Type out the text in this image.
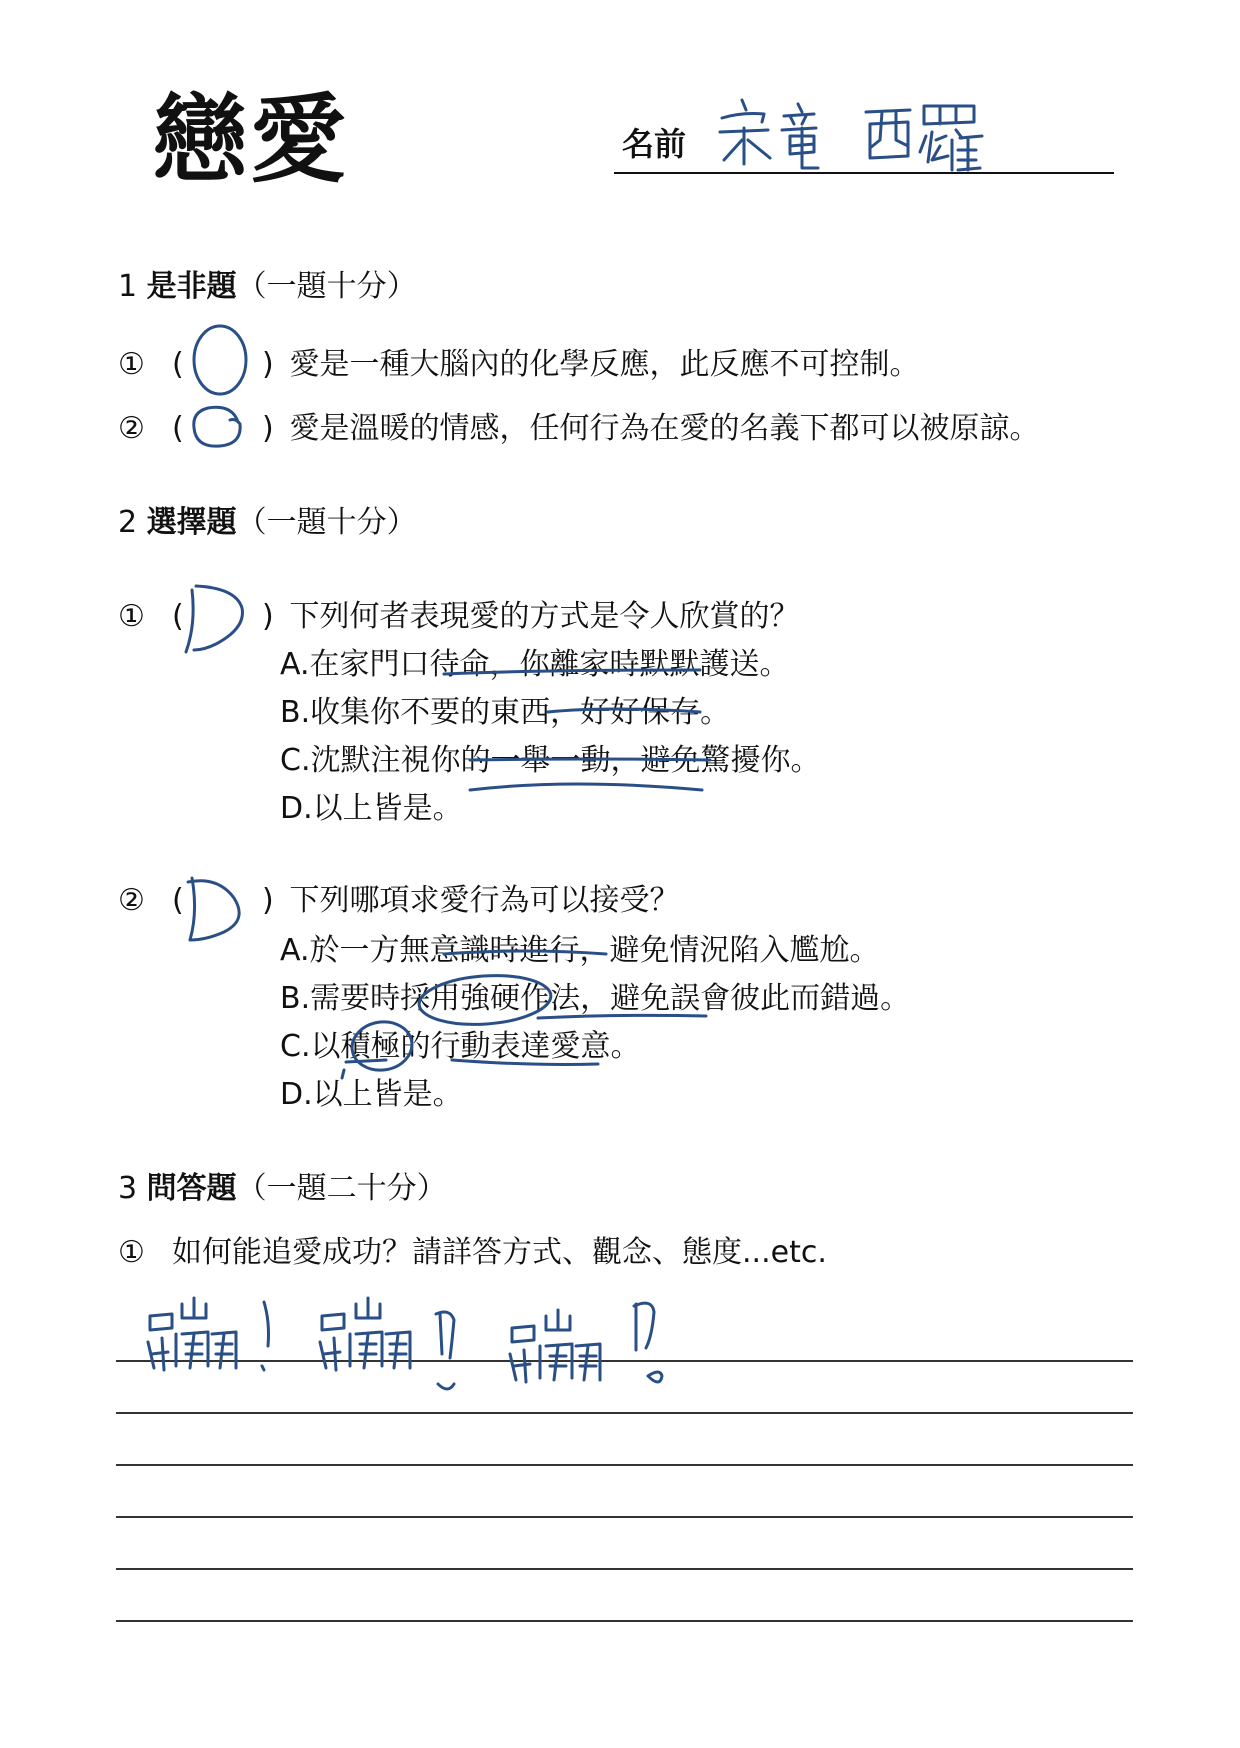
戀愛	名前
1 是非題（一題十分）
① (	) 愛是一種大腦內的化學反應，此反應不可控制。
② (	) 愛是溫暖的情感，任何行為在愛的名義下都可以被原諒。
2 選擇題（一題十分）
① (	) 下列何者表現愛的方式是令人欣賞的？
A.在家門口待命，你離家時默默護送。
B.收集你不要的東西，好好保存。
C.沈默注視你的一舉一動，避免驚擾你。
D.以上皆是。
② (	) 下列哪項求愛行為可以接受？
A.於一方無意識時進行，避免情況陷入尷尬。
B.需要時採用強硬作法，避免誤會彼此而錯過。
C.以積極的行動表達愛意。
D.以上皆是。
3 問答題（一題二十分）
① 如何能追愛成功？請詳答方式、觀念、態度...etc.
